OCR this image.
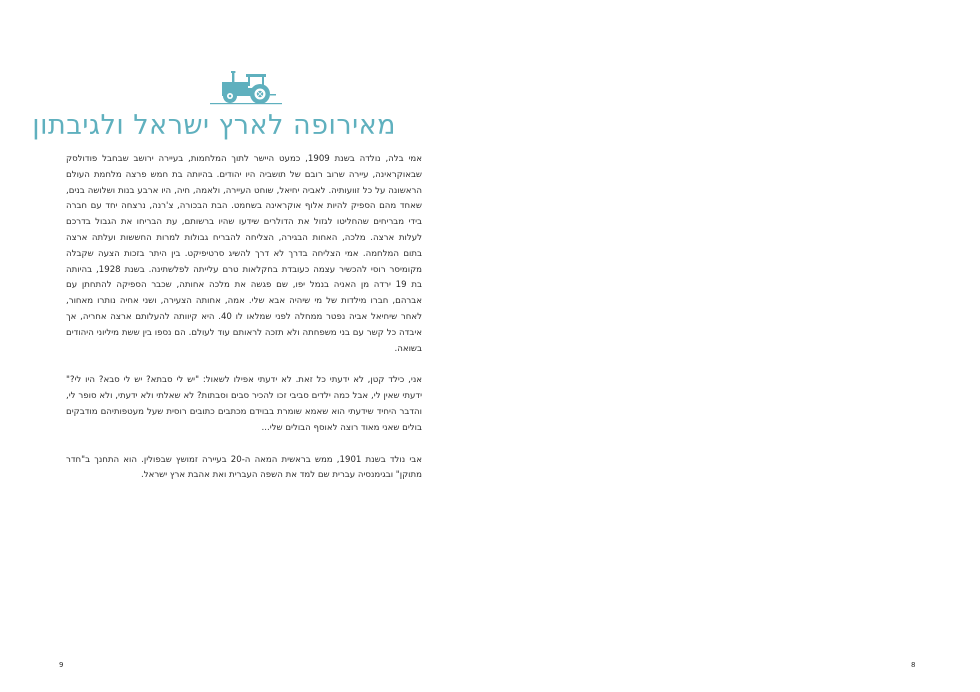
מאירופה לארץ ישראל ולגיבתון

אמי בלה, נולדה בשנת 1909, כמעט היישר לתוך המלחמות, בעיירה ירושב שבחבל פודולסק שבאוקראינה, עיירה שרוב רובם של תושביה היו יהודים. בהיותה בת חמש פרצה מלחמת העולם הראשונה על כל זוועותיה. לאביה יחיאל, שוחט העיירה, ולאמה, חיה, היו ארבע בנות ושלושה בנים, שאחד מהם הספיק להיות אלוף אוקראינה בשחמט. הבת הבכורה, צ'רנה, נרצחה יחד עם חברה בידי מבריחים שהחליטו לגזול את הדולרים שידעו שהיו ברשותם, עת הבריחו את הגבול בדרכם לעלות ארצה. מלכה, האחות הבגירה, הצליחה להבריח גבולות למרות החששות ועלתה ארצה בתום המלחמה. אמי הצליחה בדרך לא דרך להשיג סרטיפיקט. בין היתר בזכות הצעה שקבלה מקומיסר רוסי להכשיר עצמה כעובדת בחקלאות טרם עלייתה לפלשתינה. בשנת 1928, בהיותה בת 19 ירדה מן האניה בנמל יפו, שם פגשה את מלכה אחותה, שכבר הספיקה להתחתן עם אברהם, חברו מילדות של מי שיהיה אבא שלי. אמה, אחותה הצעירה, ושני אחיה נותרו מאחור, לאחר שיחיאל אביה נפטר ממחלה לפני שמלאו לו 40. היא קיוותה להעלותם ארצה אחריה, אך איבדה כל קשר עם בני משפחתה ולא תזכה לראותם עוד לעולם. הם נספו בין ששת מיליוני היהודים בשואה.

אני, כילד קטן, לא ידעתי כל זאת. לא ידעתי אפילו לשאול: "יש לי סבתא? יש לי סבא? היו לי?" ידעתי שאין לי, אבל כמה ילדים סביבי זכו להכיר סבים וסבתות? לא שאלתי ולא ידעתי, ולא סופר לי, והדבר היחיד שידעתי הוא שאמא שומרת בבוידם מכתבים כתובים רוסית שעל מעטפותיהם מודבקים בולים שאני מאוד רוצה לאוסף הבולים שלי...

אבי נולד בשנת 1901, ממש בראשית המאה ה-20 בעיירה זמושץ שבפולין. הוא התחנך ב"חדר מתוקן" ובגימנסיה עברית שם למד את השפה העברית ואת אהבת ארץ ישראל.

9	8
